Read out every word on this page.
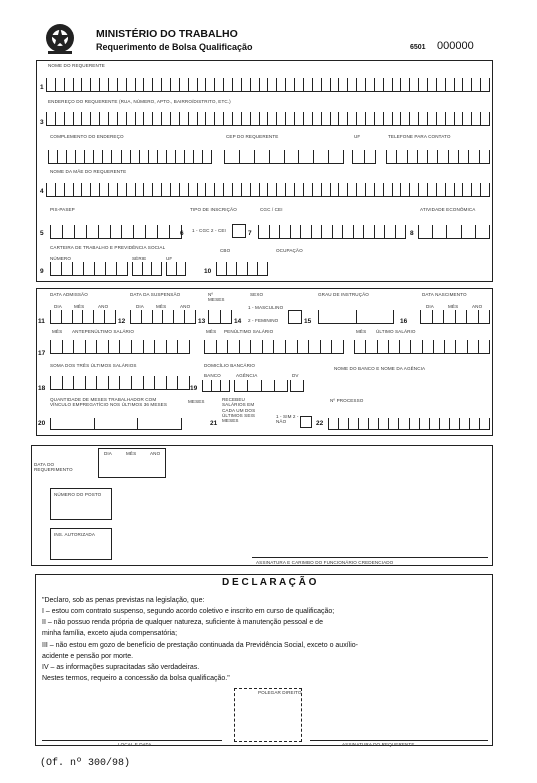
MINISTÉRIO DO TRABALHO
Requerimento de Bolsa Qualificação	6501 000000
NOME DO REQUERENTE
1
ENDEREÇO DO REQUERENTE (RUA, NÚMERO, APTO., BAIRRO/DISTRITO, ETC.)
3
COMPLEMENTO DO ENDEREÇO	CEP DO REQUERENTE	UF	TELEFONE PARA CONTATO
NOME DA MÃE DO REQUERENTE
4
PIS-PASEP
5	6
TIPO DE INSCRIÇÃO
1 - CGC 2 - CEI	7
CGC / CEI
8
ATIVIDADE ECONÔMICA
CARTEIRA DE TRABALHO E PREVIDÊNCIA SOCIAL
NÚMERO	SÉRIE	UF
9	10
CBO	OCUPAÇÃO
DATA ADMISSÃO
DIA	MÊS	ANO
11	12
DATA DA SUSPENSÃO
DIA	MÊS	ANO
13
Nº MESES
14
SEXO
1 - MASCULINO
2 - FEMININO	15
GRAU DE INSTRUÇÃO
16
DATA NASCIMENTO
DIA	MÊS	ANO
MÊS ANTEPENÚLTIMO SALÁRIO
17
MÊS PENÚLTIMO SALÁRIO	MÊS ÚLTIMO SALÁRIO
SOMA DOS TRÊS ÚLTIMOS SALÁRIOS
18	19
DOMICÍLIO BANCÁRIO
BANCO	AGÊNCIA	DV
NOME DO BANCO E NOME DA AGÊNCIA
QUANTIDADE DE MESES TRABALHADOR COM VÍNCULO EMPREGATÍCIO NOS ÚLTIMOS 36 MESES
20
MESES
21
RECEBEU SALÁRIOS EM CADA UM DOS ÚLTIMOS SEIS MESES
1 - SIM 2 - NÃO	22
Nº PROCESSO
DATA DO REQUERIMENTO
DIA	MÊS	ANO
NÚMERO DO POSTO
INS. AUTORIZADA
ASSINATURA E CARIMBO DO FUNCIONÁRIO CREDENCIADO
D E C L A R A Ç Ã O
"Declaro, sob as penas previstas na legislação, que:
I – estou com contrato suspenso, segundo acordo coletivo e inscrito em curso de qualificação;
II – não possuo renda própria de qualquer natureza, suficiente à manutenção pessoal e de
minha família, exceto ajuda compensatória;
III – não estou em gozo de benefício de prestação continuada da Previdência Social, exceto o auxílio-
acidente e pensão por morte.
IV – as informações supracitadas são verdadeiras.
Nestes termos, requeiro a concessão da bolsa qualificação."
POLEGAR DIREITO
LOCAL E DATA	ASSINATURA DO REQUERENTE
(Of. nº 300/98)
